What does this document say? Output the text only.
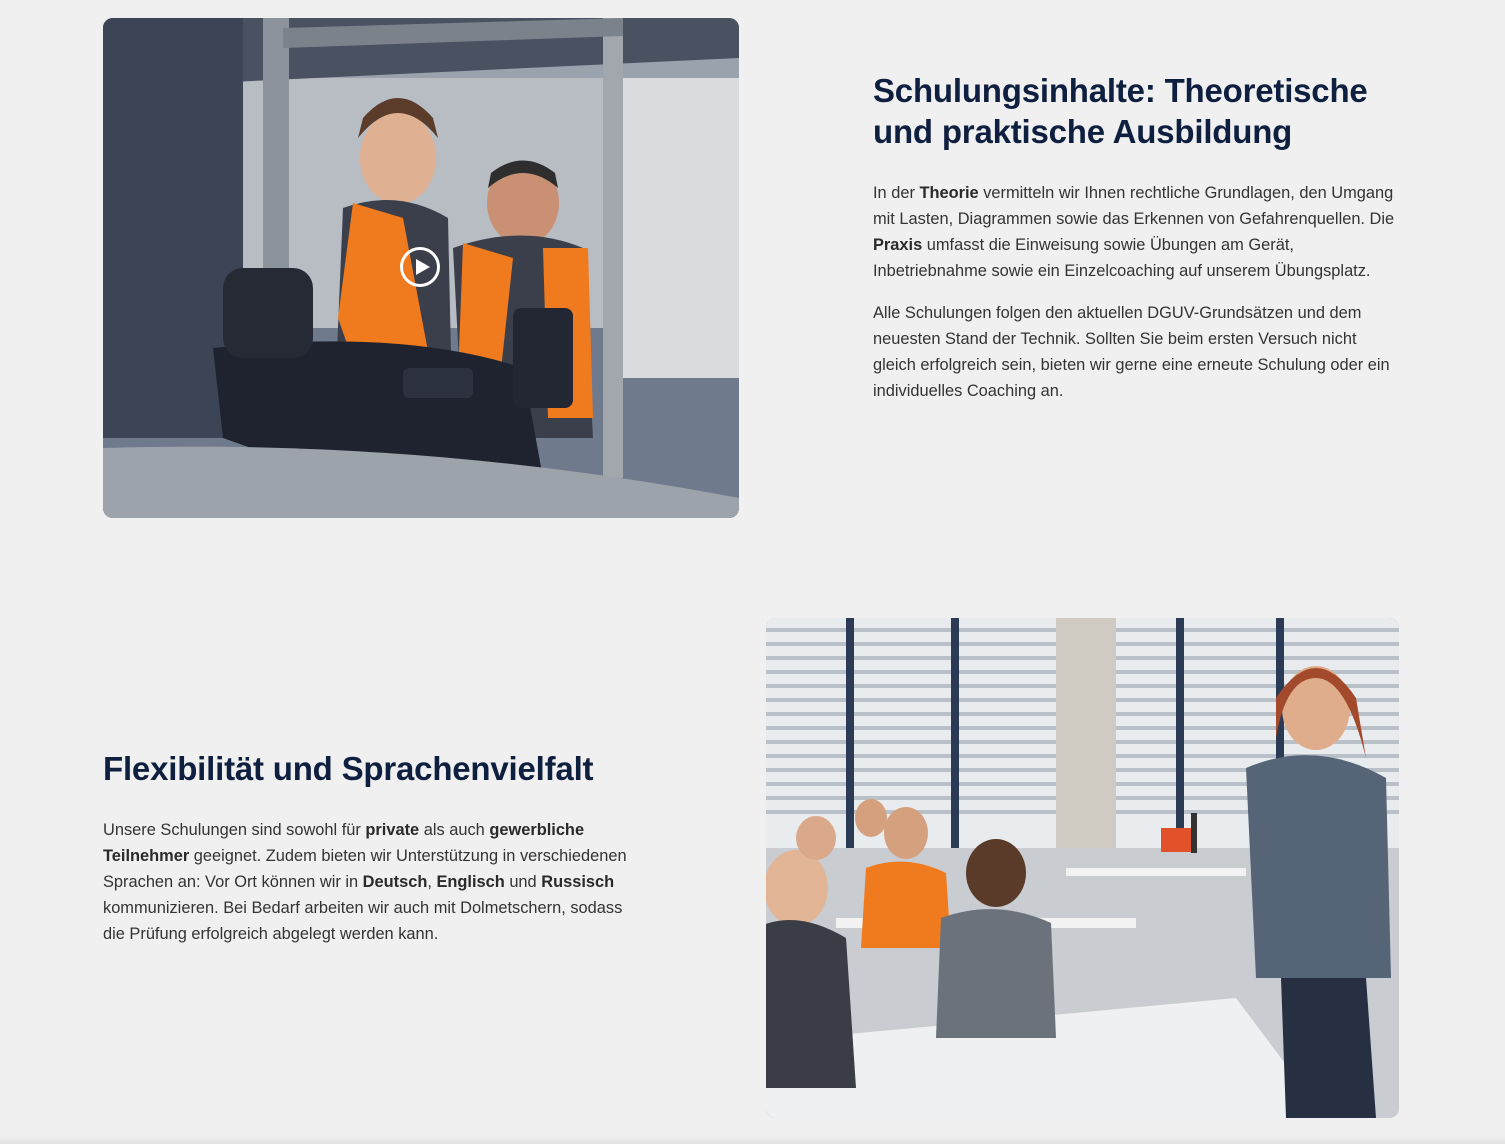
Schulungsinhalte: Theoretische
und praktische Ausbildung

In der Theorie vermitteln wir Ihnen rechtliche Grundlagen, den Umgang mit Lasten, Diagrammen sowie das Erkennen von Gefahrenquellen. Die Praxis umfasst die Einweisung sowie Übungen am Gerät, Inbetriebnahme sowie ein Einzelcoaching auf unserem Übungsplatz.

Alle Schulungen folgen den aktuellen DGUV-Grundsätzen und dem neuesten Stand der Technik. Sollten Sie beim ersten Versuch nicht gleich erfolgreich sein, bieten wir gerne eine erneute Schulung oder ein individuelles Coaching an.

Flexibilität und Sprachenvielfalt

Unsere Schulungen sind sowohl für private als auch gewerbliche Teilnehmer geeignet. Zudem bieten wir Unterstützung in verschiedenen Sprachen an: Vor Ort können wir in Deutsch, Englisch und Russisch kommunizieren. Bei Bedarf arbeiten wir auch mit Dolmetschern, sodass die Prüfung erfolgreich abgelegt werden kann.
